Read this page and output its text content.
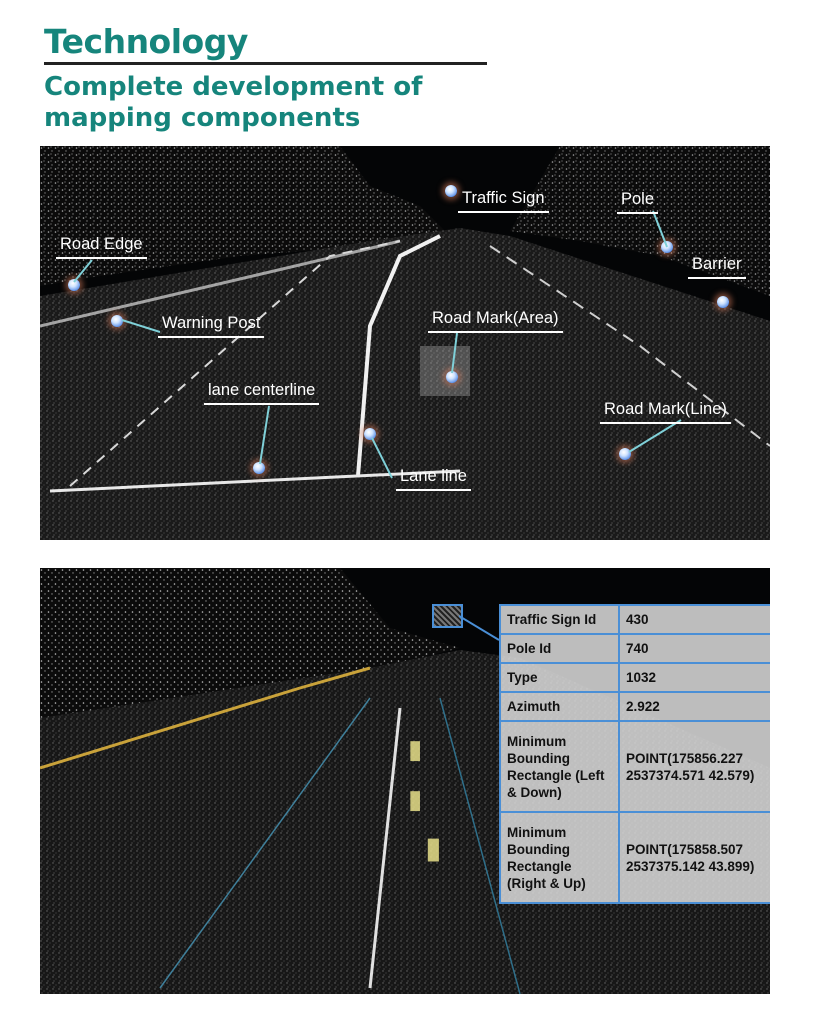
Technology
Complete development of mapping components
Traffic Sign	Pole
Road Edge
Barrier
Warning Post	Road Mark(Area)
lane centerline
Road Mark(Line)
Lane line
▮
▮
▮
Traffic Sign Id	430
Pole Id	740
Type	1032
Azimuth	2.922
Minimum Bounding Rectangle (Left & Down)	POINT(175856.227 2537374.571 42.579)
Minimum Bounding Rectangle (Right & Up)	POINT(175858.507 2537375.142 43.899)
